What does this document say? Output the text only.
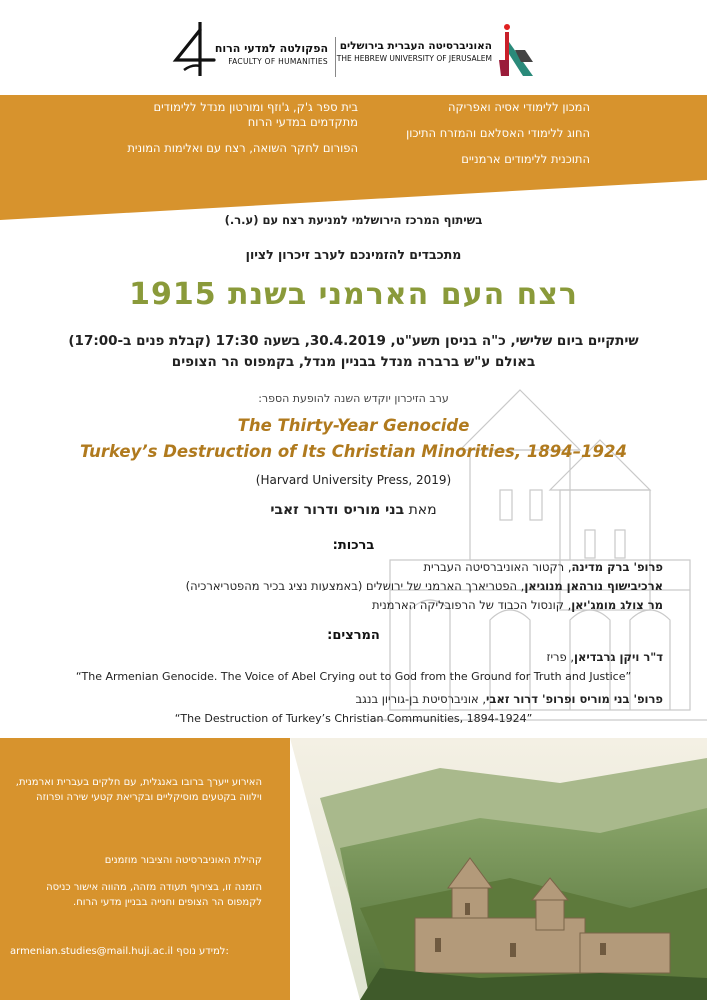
הפקולטה למדעי הרוח
FACULTY OF HUMANITIES
האוניברסיטה העברית בירושלים
THE HEBREW UNIVERSITY OF JERUSALEM
המכון ללימודי אסיה ואפריקה
החוג ללימודי האסלאם והמזרח התיכון
התוכנית ללימודים ארמניים
בית ספר ג'ק, ג'וזף ומורטון מנדל ללימודים מתקדמים במדעי הרוח
הפורום לחקר השואה, רצח עם ואלימות המונית
בשיתוף המרכז הירושלמי למניעת רצח עם (ע.ר.)
מתכבדים להזמינכם לערב זיכרון לציון
רצח העם הארמני בשנת 1915
שיתקיים ביום שלישי, כ"ה בניסן תשע"ט, 30.4.2019, בשעה 17:30 (קבלת פנים ב-17:00)
באולם ע"ש ברברה מנדל בבניין מנדל, בקמפוס הר הצופים
ערב הזיכרון יוקדש השנה להופעת הספר:
The Thirty-Year Genocide
Turkey’s Destruction of Its Christian Minorities, 1894–1924
(Harvard University Press, 2019)
מאת בני מוריס ודרור זאבי
ברכות:
פרופ' ברק מדינה, רקטור האוניברסיטה העברית
ארכיבישוף נורהאן מנוגיאן, הפטריארך הארמני של ירושלים (באמצעות נציג בכיר מהפטריארכיה)
מר צולג מומג'יאן, קונסול הכבוד של הרפובליקה הארמנית
המרצים:
ד"ר ויקן גרבדיאן, פריז
“The Armenian Genocide. The Voice of Abel Crying out to God from the Ground for Truth and Justice”
פרופ' בני מוריס ופרופ' דרור זאבי, אוניברסיטת בן-גוריון בנגב
“The Destruction of Turkey’s Christian Communities, 1894-1924”
האירוע ייערך ברובו באנגלית, עם חלקים בעברית וארמנית, וילווה בקטעים מוסיקליים ובקריאת קטעי שירה ופרוזה
קהילת האוניברסיטה והציבור מוזמנים
הזמנה זו, בצירוף תעודה מזהה, מהווה אישור כניסה לקמפוס הר הצופים וחנייה בבניין מדעי הרוח.
armenian.studies@mail.huji.ac.il למידע נוסף:
